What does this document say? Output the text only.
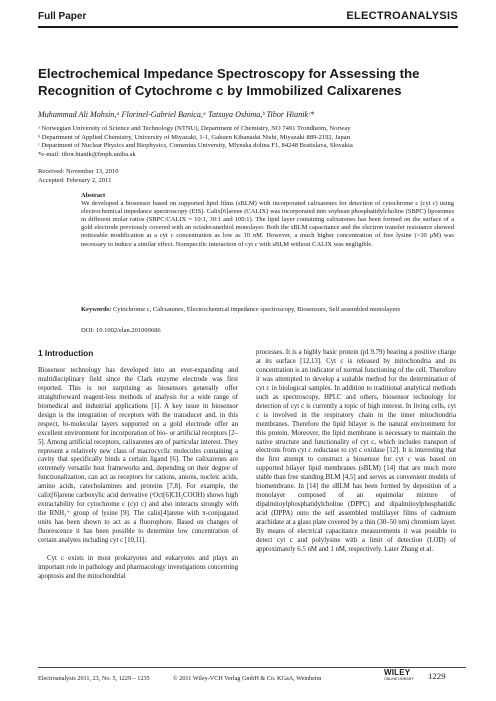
Full Paper	ELECTROANALYSIS
Electrochemical Impedance Spectroscopy for Assessing the
Recognition of Cytochrome c by Immobilized Calixarenes
Muhammad Ali Mohsin,ᵃ Florinel-Gabriel Banica,ᵃ Tatsuya Oshima,ᵇ Tibor Hianikᶜ*
ᵃ Norwegian University of Science and Technology (NTNU), Department of Chemistry, NO 7491 Trondheim, Norway
ᵇ Department of Applied Chemistry, University of Miyazaki, 1-1, Gakuen Kibanadai Nishi, Miyazaki 889-2192, Japan
ᶜ Department of Nuclear Physics and Biophysics, Comenius University, Mlynska dolina F1, 84248 Bratislava, Slovakia
*e-mail: tibor.hianik@fmph.uniba.sk
Received: November 13, 2010
Accepted: February 2, 2011
Abstract
We developed a biosensor based on supported lipid films (sBLM) with incorporated calixarenes for detection of cytochrome c (cyt c) using electrochemical impedance spectroscopy (EIS). Calix[6]arene (CALIX) was incorporated into soybean phosphatidylcholine (SBPC) liposomes in different molar ratios (SBPC:CALIX = 10:1, 30:1 and 100:1). The lipid layer containing calixarenes has been formed on the surface of a gold electrode previously covered with an octadecanethiol monolayer. Both the sBLM capacitance and the electron transfer resistance showed noticeable modification at a cyt c concentration as low as 10 nM. However, a much higher concentration of free lysine (>30 μM) was necessary to induce a similar effect. Nonspecific interaction of cyt c with sBLM without CALIX was negligible.
Keywords: Cytochrome c, Calixarenes, Electrochemical impedance spectroscopy, Biosensors, Self assembled monolayers
DOI: 10.1002/elan.201000686
1 Introduction

Biosensor technology has developed into an ever-expanding and multidisciplinary field since the Clark enzyme electrode was first reported. This is not surprising as biosensors generally offer straightforward reagent-less methods of analysis for a wide range of biomedical and industrial applications [1]. A key issue in biosensor design is the integration of receptors with the transducer and, in this respect, bi-molecular layers supported on a gold electrode offer an excellent environment for incorporation of bio- or artificial receptors [2–5]. Among artificial receptors, calixarenes are of particular interest. They represent a relatively new class of macrocyclic molecules containing a cavity that specifically binds a certain ligand [6]. The calixarenes are extremely versatile host frameworks and, depending on their degree of functionalization, can act as receptors for cations, anions, nucleic acids, amino acids, catecholamines and proteins [7,8]. For example, the calix[6]arene carboxylic acid derivative (ᵗOct[6]CH₂COOH) shows high extractability for cytochrome c (cyt c) and also interacts strongly with the RNH₃⁺ group of lysine [9]. The calix[4]arene with π-conjugated units has been shown to act as a fluorophore. Based on changes of fluorescence it has been possible to determine low concentration of certain analytes including cyt c [10,11].

Cyt c exists in most prokaryotes and eukaryotes and plays an important role in pathology and pharmacology investigations concerning apoptosis and the mitochondrial

processes. It is a highly basic protein (pI 9.79) bearing a positive charge at its surface [12,13]. Cyt c is released by mitochondria and its concentration is an indicator of normal functioning of the cell. Therefore it was attempted to develop a suitable method for the determination of cyt c in biological samples. In addition to traditional analytical methods such as spectroscopy, HPLC and others, biosensor technology for detection of cyt c is currently a topic of high interest. In living cells, cyt c is involved in the respiratory chain in the inner mitochondria membranes. Therefore the lipid bilayer is the natural environment for this protein. Moreover, the lipid membrane is necessary to maintain the native structure and functionality of cyt c, which includes transport of electrons from cyt c reductase to cyt c oxidase [12]. It is interesting that the first attempt to construct a biosensor for cyt c was based on supported bilayer lipid membranes (sBLM) [14] that are much more stable than free standing BLM [4,5] and serves as convenient models of biomembrane. In [14] the sBLM has been formed by deposition of a monolayer composed of an equimolar mixture of dipalmitoylphosphatidylcholine (DPPC) and dipalmitoylphosphatidic acid (DPPA) onto the self assembled multilayer films of cadmium arachidate at a glass plate covered by a thin (30–50 nm) chromium layer. By means of electrical capacitance measurements it was possible to detect cyt c and polylysine with a limit of detection (LOD) of approximately 6.5 nM and 1 nM, respectively. Later Zhang et al.

Electroanalysis 2011, 23, No. 5, 1229 – 1235	© 2011 Wiley-VCH Verlag GmbH & Co. KGaA, Weinheim
WILEY
ONLINE LIBRARY	1229
